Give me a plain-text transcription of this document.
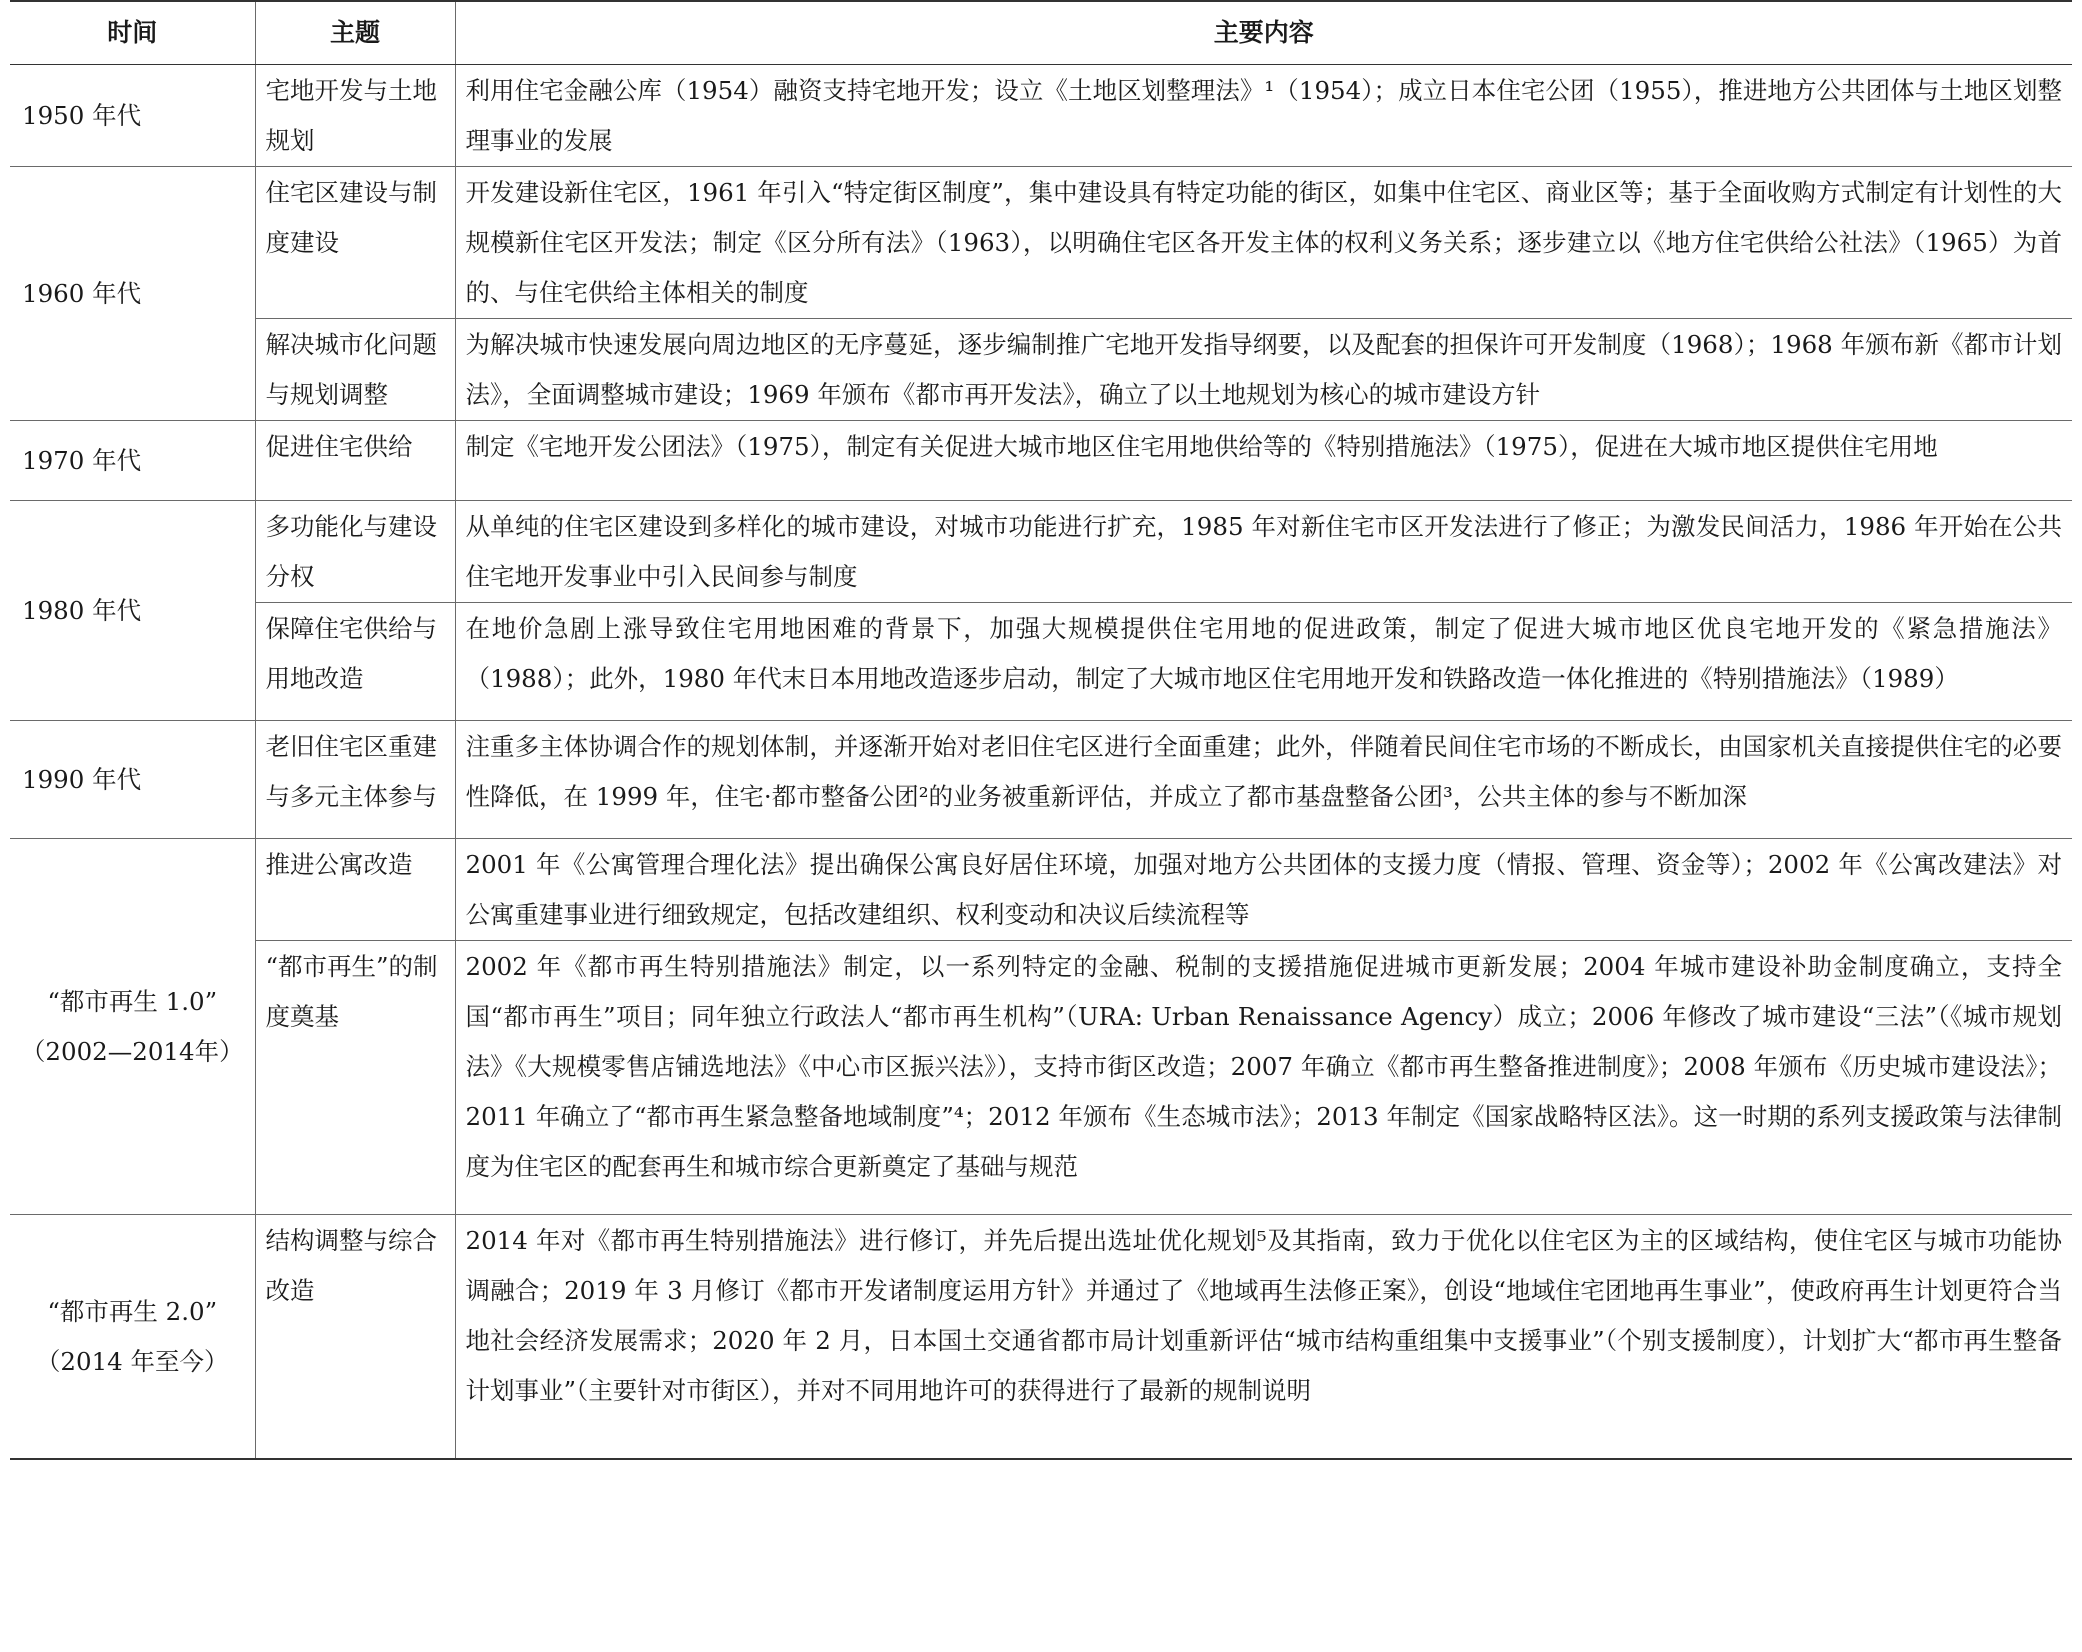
时间	主题	主要内容

1950 年代	宅地开发与土地规划	利用住宅金融公库（1954）融资支持宅地开发；设立《土地区划整理法》¹（1954）；成立日本住宅公团（1955），推进地方公共团体与土地区划整理事业的发展

1960 年代	住宅区建设与制度建设	开发建设新住宅区，1961 年引入“特定街区制度”，集中建设具有特定功能的街区，如集中住宅区、商业区等；基于全面收购方式制定有计划性的大规模新住宅区开发法；制定《区分所有法》（1963），以明确住宅区各开发主体的权利义务关系；逐步建立以《地方住宅供给公社法》（1965）为首的、与住宅供给主体相关的制度
	解决城市化问题与规划调整	为解决城市快速发展向周边地区的无序蔓延，逐步编制推广宅地开发指导纲要，以及配套的担保许可开发制度（1968）；1968 年颁布新《都市计划法》，全面调整城市建设；1969 年颁布《都市再开发法》，确立了以土地规划为核心的城市建设方针

1970 年代	促进住宅供给	制定《宅地开发公团法》（1975），制定有关促进大城市地区住宅用地供给等的《特别措施法》（1975），促进在大城市地区提供住宅用地

1980 年代	多功能化与建设分权	从单纯的住宅区建设到多样化的城市建设，对城市功能进行扩充，1985 年对新住宅市区开发法进行了修正；为激发民间活力，1986 年开始在公共住宅地开发事业中引入民间参与制度
	保障住宅供给与用地改造	在地价急剧上涨导致住宅用地困难的背景下，加强大规模提供住宅用地的促进政策，制定了促进大城市地区优良宅地开发的《紧急措施法》（1988）；此外，1980 年代末日本用地改造逐步启动，制定了大城市地区住宅用地开发和铁路改造一体化推进的《特别措施法》（1989）

1990 年代	老旧住宅区重建与多元主体参与	注重多主体协调合作的规划体制，并逐渐开始对老旧住宅区进行全面重建；此外，伴随着民间住宅市场的不断成长，由国家机关直接提供住宅的必要性降低，在 1999 年，住宅·都市整备公团²的业务被重新评估，并成立了都市基盘整备公团³，公共主体的参与不断加深

“都市再生 1.0”
（2002—2014年）	推进公寓改造	2001 年《公寓管理合理化法》提出确保公寓良好居住环境，加强对地方公共团体的支援力度（情报、管理、资金等）；2002 年《公寓改建法》对公寓重建事业进行细致规定，包括改建组织、权利变动和决议后续流程等
	“都市再生”的制度奠基	2002 年《都市再生特别措施法》制定，以一系列特定的金融、税制的支援措施促进城市更新发展；2004 年城市建设补助金制度确立，支持全国“都市再生”项目；同年独立行政法人“都市再生机构”（URA: Urban Renaissance Agency）成立；2006 年修改了城市建设“三法”（《城市规划法》《大规模零售店铺选地法》《中心市区振兴法》），支持市街区改造；2007 年确立《都市再生整备推进制度》；2008 年颁布《历史城市建设法》；2011 年确立了“都市再生紧急整备地域制度”⁴；2012 年颁布《生态城市法》；2013 年制定《国家战略特区法》。这一时期的系列支援政策与法律制度为住宅区的配套再生和城市综合更新奠定了基础与规范

“都市再生 2.0”
（2014 年至今）	结构调整与综合改造	2014 年对《都市再生特别措施法》进行修订，并先后提出选址优化规划⁵及其指南，致力于优化以住宅区为主的区域结构，使住宅区与城市功能协调融合；2019 年 3 月修订《都市开发诸制度运用方针》并通过了《地域再生法修正案》，创设“地域住宅团地再生事业”，使政府再生计划更符合当地社会经济发展需求；2020 年 2 月，日本国土交通省都市局计划重新评估“城市结构重组集中支援事业”（个别支援制度），计划扩大“都市再生整备计划事业”（主要针对市街区），并对不同用地许可的获得进行了最新的规制说明
